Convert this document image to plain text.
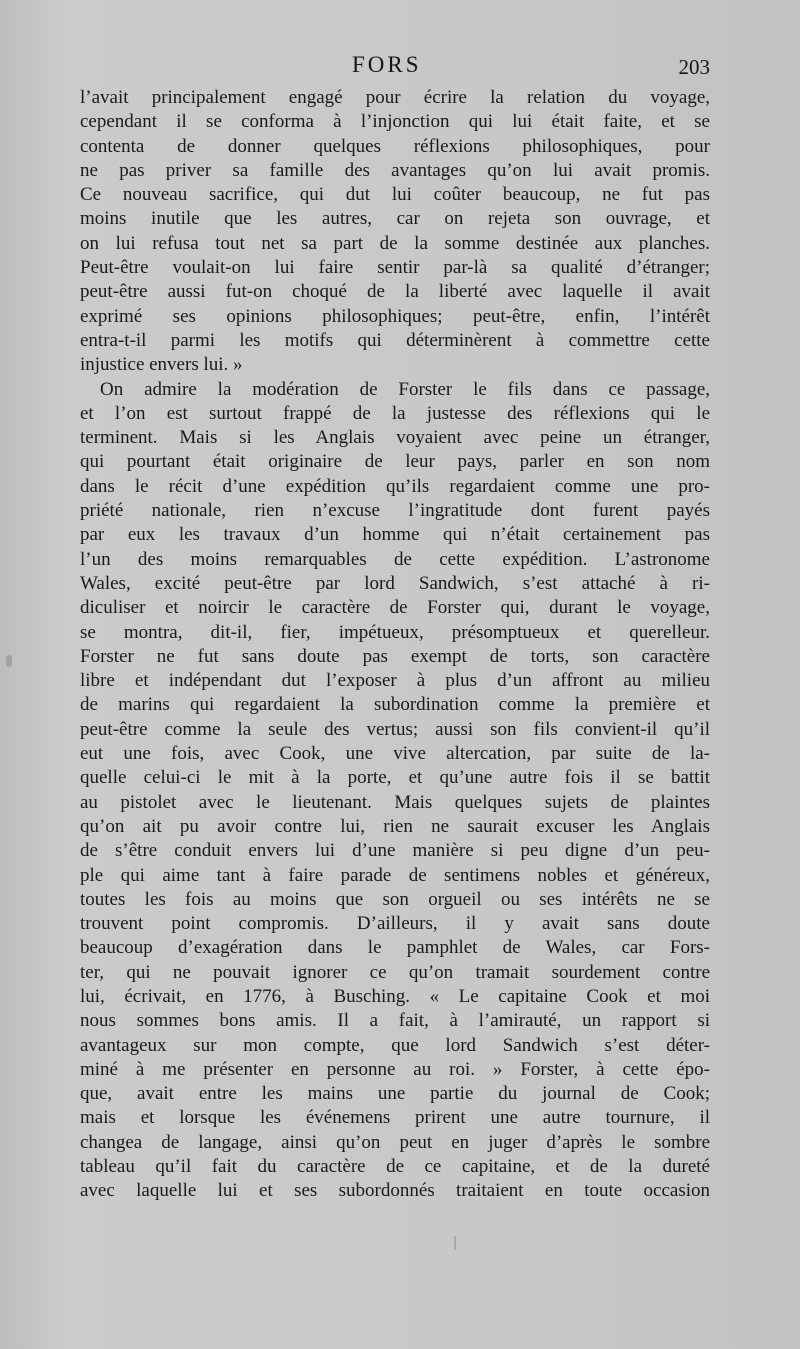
FORS	203
l’avait principalement engagé pour écrire la relation du voyage,
cependant il se conforma à l’injonction qui lui était faite, et se
contenta de donner quelques réflexions philosophiques, pour
ne pas priver sa famille des avantages qu’on lui avait promis.
Ce nouveau sacrifice, qui dut lui coûter beaucoup, ne fut pas
moins inutile que les autres, car on rejeta son ouvrage, et
on lui refusa tout net sa part de la somme destinée aux planches.
Peut-être voulait-on lui faire sentir par-là sa qualité d’étranger;
peut-être aussi fut-on choqué de la liberté avec laquelle il avait
exprimé ses opinions philosophiques; peut-être, enfin, l’intérêt
entra-t-il parmi les motifs qui déterminèrent à commettre cette
injustice envers lui. »
On admire la modération de Forster le fils dans ce passage,
et l’on est surtout frappé de la justesse des réflexions qui le
terminent. Mais si les Anglais voyaient avec peine un étranger,
qui pourtant était originaire de leur pays, parler en son nom
dans le récit d’une expédition qu’ils regardaient comme une pro-
priété nationale, rien n’excuse l’ingratitude dont furent payés
par eux les travaux d’un homme qui n’était certainement pas
l’un des moins remarquables de cette expédition. L’astronome
Wales, excité peut-être par lord Sandwich, s’est attaché à ri-
diculiser et noircir le caractère de Forster qui, durant le voyage,
se montra, dit-il, fier, impétueux, présomptueux et querelleur.
Forster ne fut sans doute pas exempt de torts, son caractère
libre et indépendant dut l’exposer à plus d’un affront au milieu
de marins qui regardaient la subordination comme la première et
peut-être comme la seule des vertus; aussi son fils convient-il qu’il
eut une fois, avec Cook, une vive altercation, par suite de la-
quelle celui-ci le mit à la porte, et qu’une autre fois il se battit
au pistolet avec le lieutenant. Mais quelques sujets de plaintes
qu’on ait pu avoir contre lui, rien ne saurait excuser les Anglais
de s’être conduit envers lui d’une manière si peu digne d’un peu-
ple qui aime tant à faire parade de sentimens nobles et généreux,
toutes les fois au moins que son orgueil ou ses intérêts ne se
trouvent point compromis. D’ailleurs, il y avait sans doute
beaucoup d’exagération dans le pamphlet de Wales, car Fors-
ter, qui ne pouvait ignorer ce qu’on tramait sourdement contre
lui, écrivait, en 1776, à Busching. « Le capitaine Cook et moi
nous sommes bons amis. Il a fait, à l’amirauté, un rapport si
avantageux sur mon compte, que lord Sandwich s’est déter-
miné à me présenter en personne au roi. » Forster, à cette épo-
que, avait entre les mains une partie du journal de Cook;
mais et lorsque les événemens prirent une autre tournure, il
changea de langage, ainsi qu’on peut en juger d’après le sombre
tableau qu’il fait du caractère de ce capitaine, et de la dureté
avec laquelle lui et ses subordonnés traitaient en toute occasion
